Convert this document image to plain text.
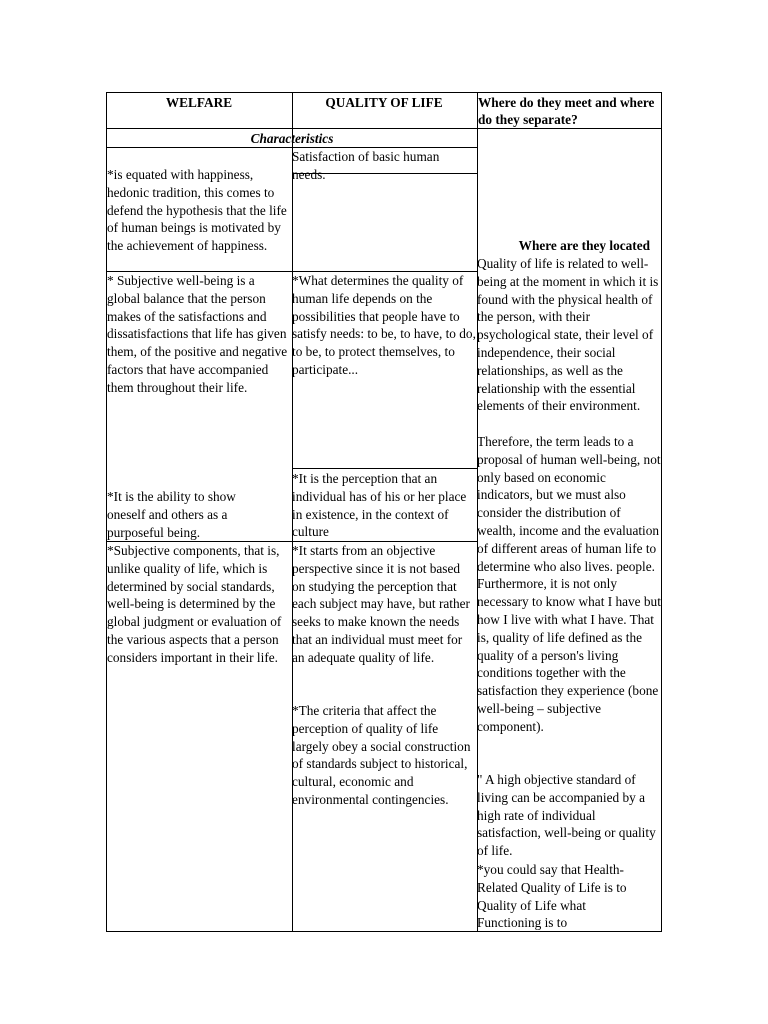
WELFARE	QUALITY OF LIFE	Where do they meet and where do they separate?
Characteristics
*is equated with happiness, hedonic tradition, this comes to defend the hypothesis that the life of human beings is motivated by the achievement of happiness.
* Subjective well-being is a global balance that the person makes of the satisfactions and dissatisfactions that life has given them, of the positive and negative factors that have accompanied them throughout their life.
*It is the ability to show oneself and others as a purposeful being.
*Subjective components, that is, unlike quality of life, which is determined by social standards, well-being is determined by the global judgment or evaluation of the various aspects that a person considers important in their life.
Satisfaction of basic human needs.
*What determines the quality of human life depends on the possibilities that people have to satisfy needs: to be, to have, to do, to be, to protect themselves, to participate...
*It is the perception that an individual has of his or her place in existence, in the context of culture
*It starts from an objective perspective since it is not based on studying the perception that each subject may have, but rather seeks to make known the needs that an individual must meet for an adequate quality of life.
*The criteria that affect the perception of quality of life largely obey a social construction of standards subject to historical, cultural, economic and environmental contingencies.
Where are they located
Quality of life is related to well-being at the moment in which it is found with the physical health of the person, with their psychological state, their level of independence, their social relationships, as well as the relationship with the essential elements of their environment.
Therefore, the term leads to a proposal of human well-being, not only based on economic indicators, but we must also consider the distribution of wealth, income and the evaluation of different areas of human life to determine who also lives. people. Furthermore, it is not only necessary to know what I have but how I live with what I have. That is, quality of life defined as the quality of a person's living conditions together with the satisfaction they experience (bone well-being – subjective component).
" A high objective standard of living can be accompanied by a high rate of individual satisfaction, well-being or quality of life.
*you could say that Health-Related Quality of Life is to Quality of Life what Functioning is to
